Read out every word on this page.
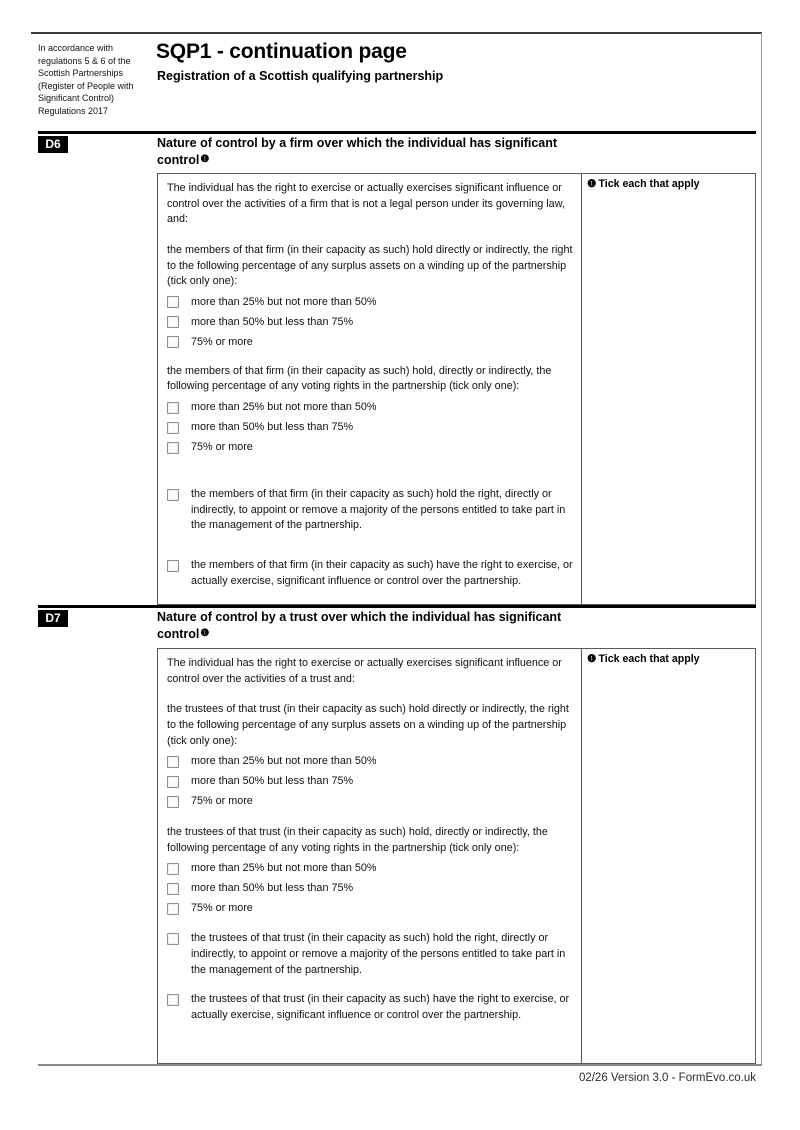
In accordance with regulations 5 & 6 of the Scottish Partnerships (Register of People with Significant Control) Regulations 2017
SQP1 - continuation page
Registration of a Scottish qualifying partnership
D6	Nature of control by a firm over which the individual has significant control$^❶$

The individual has the right to exercise or actually exercises significant influence or control over the activities of a firm that is not a legal person under its governing law, and:

the members of that firm (in their capacity as such) hold directly or indirectly, the right to the following percentage of any surplus assets on a winding up of the partnership (tick only one):

more than 25% but not more than 50%
more than 50% but less than 75%
75% or more

the members of that firm (in their capacity as such) hold, directly or indirectly, the following percentage of any voting rights in the partnership (tick only one):

more than 25% but not more than 50%
more than 50% but less than 75%
75% or more
the members of that firm (in their capacity as such) hold the right, directly or indirectly, to appoint or remove a majority of the persons entitled to take part in the management of the partnership.
the members of that firm (in their capacity as such) have the right to exercise, or actually exercise, significant influence or control over the partnership.
❶ Tick each that apply
D7	Nature of control by a trust over which the individual has significant control$^❶$

The individual has the right to exercise or actually exercises significant influence or control over the activities of a trust and:

the trustees of that trust (in their capacity as such) hold directly or indirectly, the right to the following percentage of any surplus assets on a winding up of the partnership (tick only one):

more than 25% but not more than 50%
more than 50% but less than 75%
75% or more

the trustees of that trust (in their capacity as such) hold, directly or indirectly, the following percentage of any voting rights in the partnership (tick only one):

more than 25% but not more than 50%
more than 50% but less than 75%
75% or more
the trustees of that trust (in their capacity as such) hold the right, directly or indirectly, to appoint or remove a majority of the persons entitled to take part in the management of the partnership.
the trustees of that trust (in their capacity as such) have the right to exercise, or actually exercise, significant influence or control over the partnership.
❶ Tick each that apply
02/26 Version 3.0 - FormEvo.co.uk
